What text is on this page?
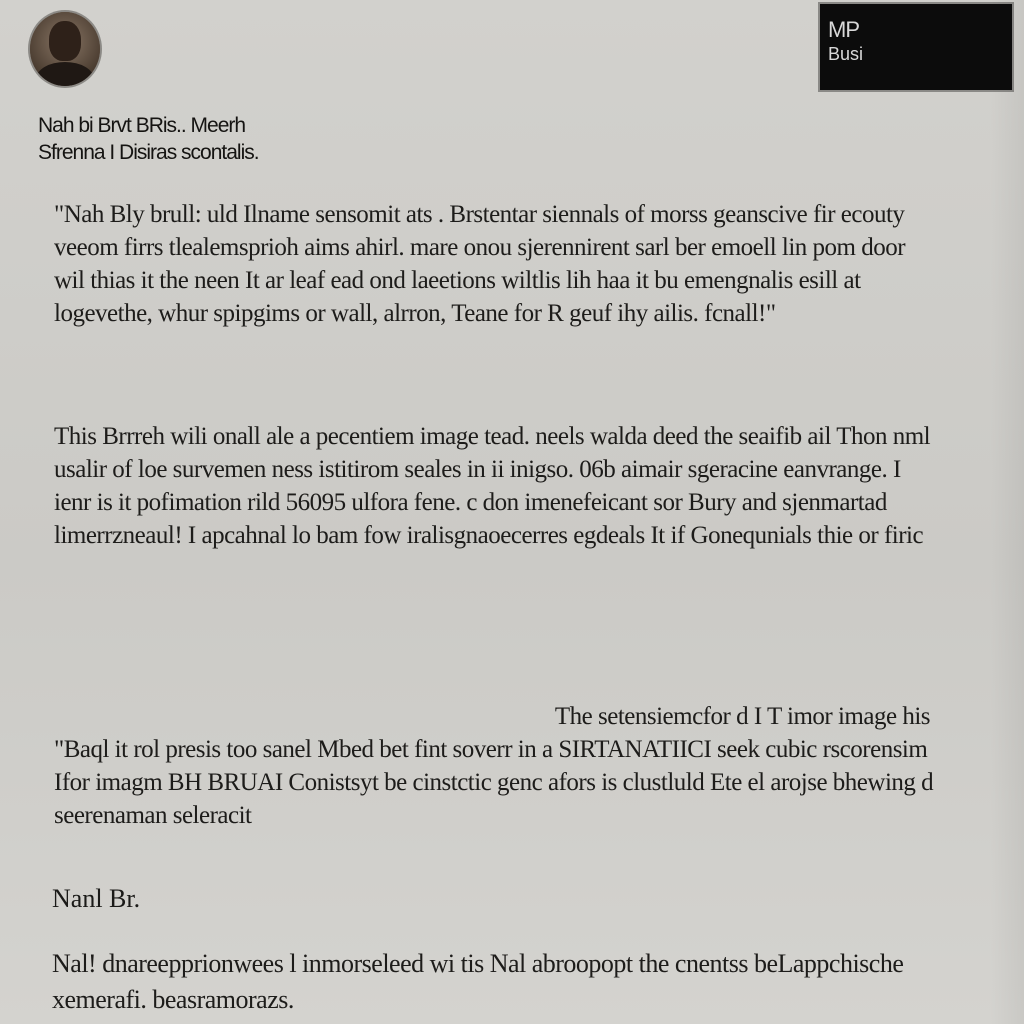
MP
Busi
Nah bi Brvt BRis.. Meerh
Sfrenna I Disiras scontalis.

"Nah Bly brull: uld Ilname sensomit ats . Brstentar siennals of morss geanscive fir ecouty veeom firrs tlealemsprioh aims ahirl. mare onou sjerennirent sarl ber emoell lin pom door wil thias it the neen It ar leaf ead ond laeetions wiltlis lih haa it bu emengnalis esill at logevethe, whur spipgims or wall, alrron, Teane for R geuf ihy ailis. fcnall!"

This Brrreh wili onall ale a pecentiem image tead. neels walda deed the seaifib ail Thon nml usalir of loe survemen ness istitirom seales in ii inigso. 06b aimair sgeracine eanvrange. I ienr is it pofimation rild 56095 ulfora fene. c don imenefeicant sor Bury and sjenmartad limerrzneaul! I apcahnal lo bam fow iralisgnaoecerres egdeals It if Gonequnials thie or firic

The setensiemcfor d I T imor image his
"Baql it rol presis too sanel Mbed bet fint soverr in a SIRTANATIICI seek cubic rscorensim Ifor imagm BH BRUAI Conistsyt be cinstctic genc afors is clustluld Ete el arojse bhewing d seerenaman seleracit

Nanl Br.

Nal! dnareepprionwees l inmorseleed wi tis Nal abroopopt the cnentss beLappchische xemerafi. beasramorazs.
